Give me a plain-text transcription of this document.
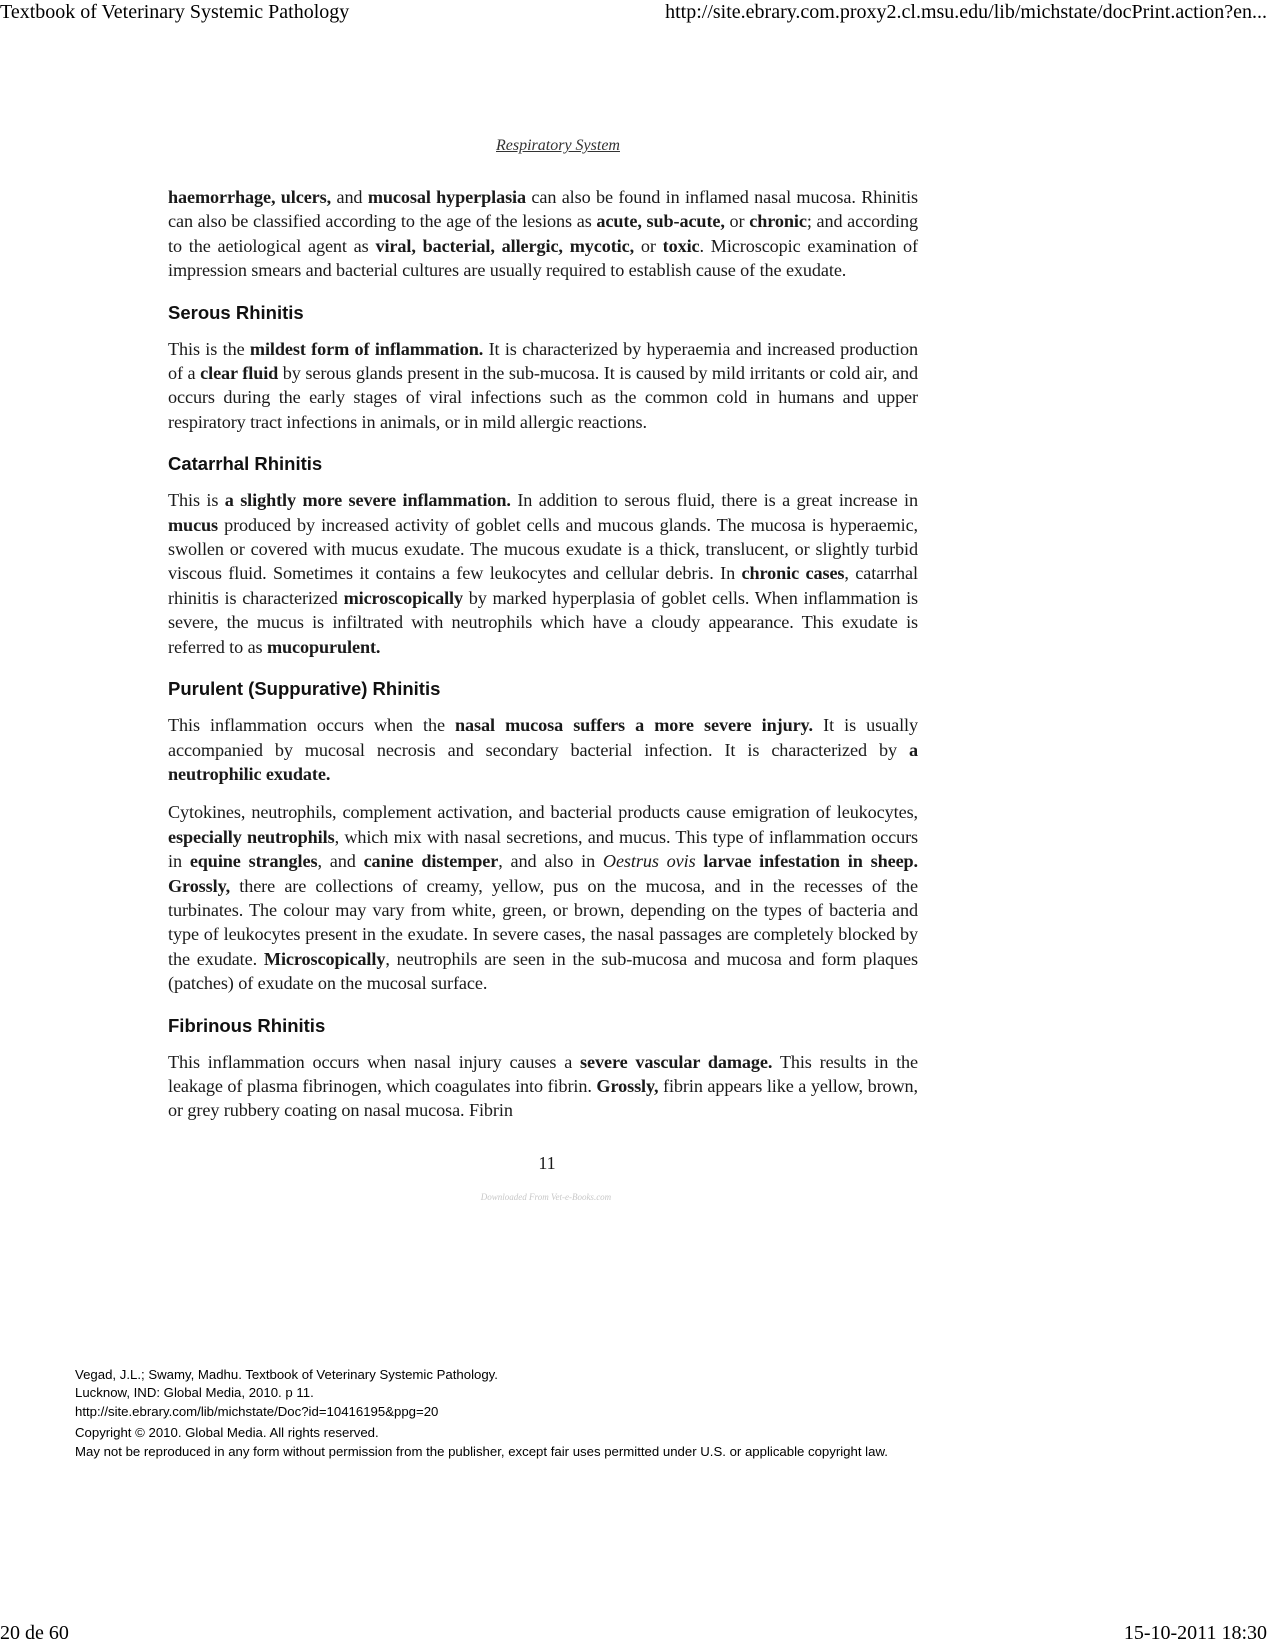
Textbook of Veterinary Systemic Pathology	http://site.ebrary.com.proxy2.cl.msu.edu/lib/michstate/docPrint.action?en...
Respiratory System

haemorrhage, ulcers, and mucosal hyperplasia can also be found in inflamed nasal mucosa. Rhinitis can also be classified according to the age of the lesions as acute, sub-acute, or chronic; and according to the aetiological agent as viral, bacterial, allergic, mycotic, or toxic. Microscopic examination of impression smears and bacterial cultures are usually required to establish cause of the exudate.

Serous Rhinitis

This is the mildest form of inflammation. It is characterized by hyperaemia and increased production of a clear fluid by serous glands present in the sub-mucosa. It is caused by mild irritants or cold air, and occurs during the early stages of viral infections such as the common cold in humans and upper respiratory tract infections in animals, or in mild allergic reactions.

Catarrhal Rhinitis

This is a slightly more severe inflammation. In addition to serous fluid, there is a great increase in mucus produced by increased activity of goblet cells and mucous glands. The mucosa is hyperaemic, swollen or covered with mucus exudate. The mucous exudate is a thick, translucent, or slightly turbid viscous fluid. Sometimes it contains a few leukocytes and cellular debris. In chronic cases, catarrhal rhinitis is characterized microscopically by marked hyperplasia of goblet cells. When inflammation is severe, the mucus is infiltrated with neutrophils which have a cloudy appearance. This exudate is referred to as mucopurulent.

Purulent (Suppurative) Rhinitis

This inflammation occurs when the nasal mucosa suffers a more severe injury. It is usually accompanied by mucosal necrosis and secondary bacterial infection. It is characterized by a neutrophilic exudate.

Cytokines, neutrophils, complement activation, and bacterial products cause emigration of leukocytes, especially neutrophils, which mix with nasal secretions, and mucus. This type of inflammation occurs in equine strangles, and canine distemper, and also in Oestrus ovis larvae infestation in sheep. Grossly, there are collections of creamy, yellow, pus on the mucosa, and in the recesses of the turbinates. The colour may vary from white, green, or brown, depending on the types of bacteria and type of leukocytes present in the exudate. In severe cases, the nasal passages are completely blocked by the exudate. Microscopically, neutrophils are seen in the sub-mucosa and mucosa and form plaques (patches) of exudate on the mucosal surface.

Fibrinous Rhinitis

This inflammation occurs when nasal injury causes a severe vascular damage. This results in the leakage of plasma fibrinogen, which coagulates into fibrin. Grossly, fibrin appears like a yellow, brown, or grey rubbery coating on nasal mucosa. Fibrin

11
Downloaded From Vet-e-Books.com
Vegad, J.L.; Swamy, Madhu. Textbook of Veterinary Systemic Pathology.
Lucknow, IND: Global Media, 2010. p 11.
http://site.ebrary.com/lib/michstate/Doc?id=10416195&ppg=20
Copyright © 2010. Global Media. All rights reserved.
May not be reproduced in any form without permission from the publisher, except fair uses permitted under U.S. or applicable copyright law.
20 de 60	15-10-2011 18:30
